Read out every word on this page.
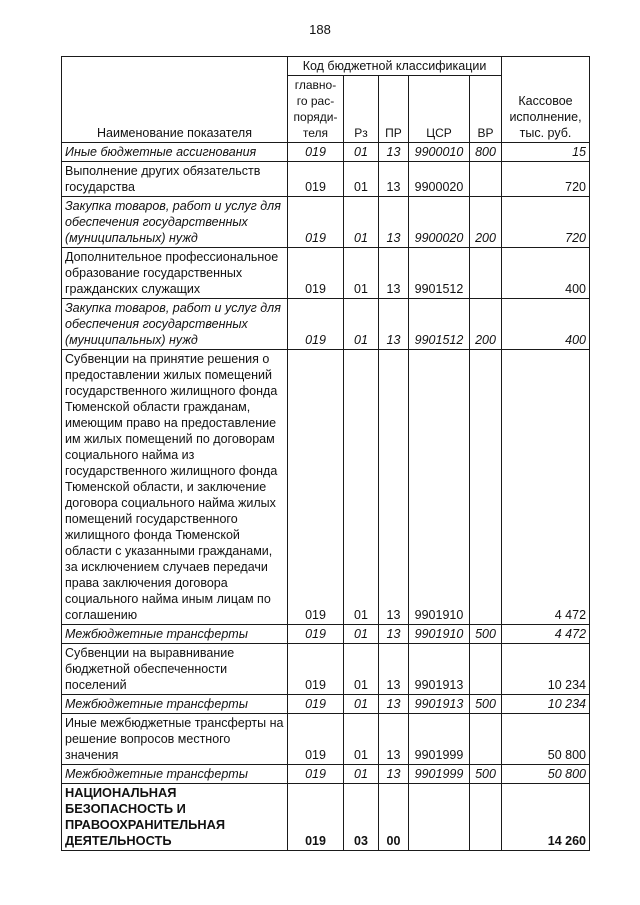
188
Наименование показателя	Код бюджетной классификации					Кассовое исполнение, тыс. руб.
	главно-го рас-поряди-теля	Рз	ПР	ЦСР	ВР	
Иные бюджетные ассигнования	019	01	13	9900010	800	15
Выполнение других обязательств государства	019	01	13	9900020		720
Закупка товаров, работ и услуг для обеспечения государственных (муниципальных) нужд	019	01	13	9900020	200	720
Дополнительное профессиональное образование государственных гражданских служащих	019	01	13	9901512		400
Закупка товаров, работ и услуг для обеспечения государственных (муниципальных) нужд	019	01	13	9901512	200	400
Субвенции на принятие решения о предоставлении жилых помещений государственного жилищного фонда Тюменской области гражданам, имеющим право на предоставление им жилых помещений по договорам социального найма из государственного жилищного фонда Тюменской области, и заключение договора социального найма жилых помещений государственного жилищного фонда Тюменской области с указанными гражданами, за исключением случаев передачи права заключения договора социального найма иным лицам по соглашению	019	01	13	9901910		4 472
Межбюджетные трансферты	019	01	13	9901910	500	4 472
Субвенции на выравнивание бюджетной обеспеченности поселений	019	01	13	9901913		10 234
Межбюджетные трансферты	019	01	13	9901913	500	10 234
Иные межбюджетные трансферты на решение вопросов местного значения	019	01	13	9901999		50 800
Межбюджетные трансферты	019	01	13	9901999	500	50 800
НАЦИОНАЛЬНАЯ БЕЗОПАСНОСТЬ И ПРАВООХРАНИТЕЛЬНАЯ ДЕЯТЕЛЬНОСТЬ	019	03	00			14 260
